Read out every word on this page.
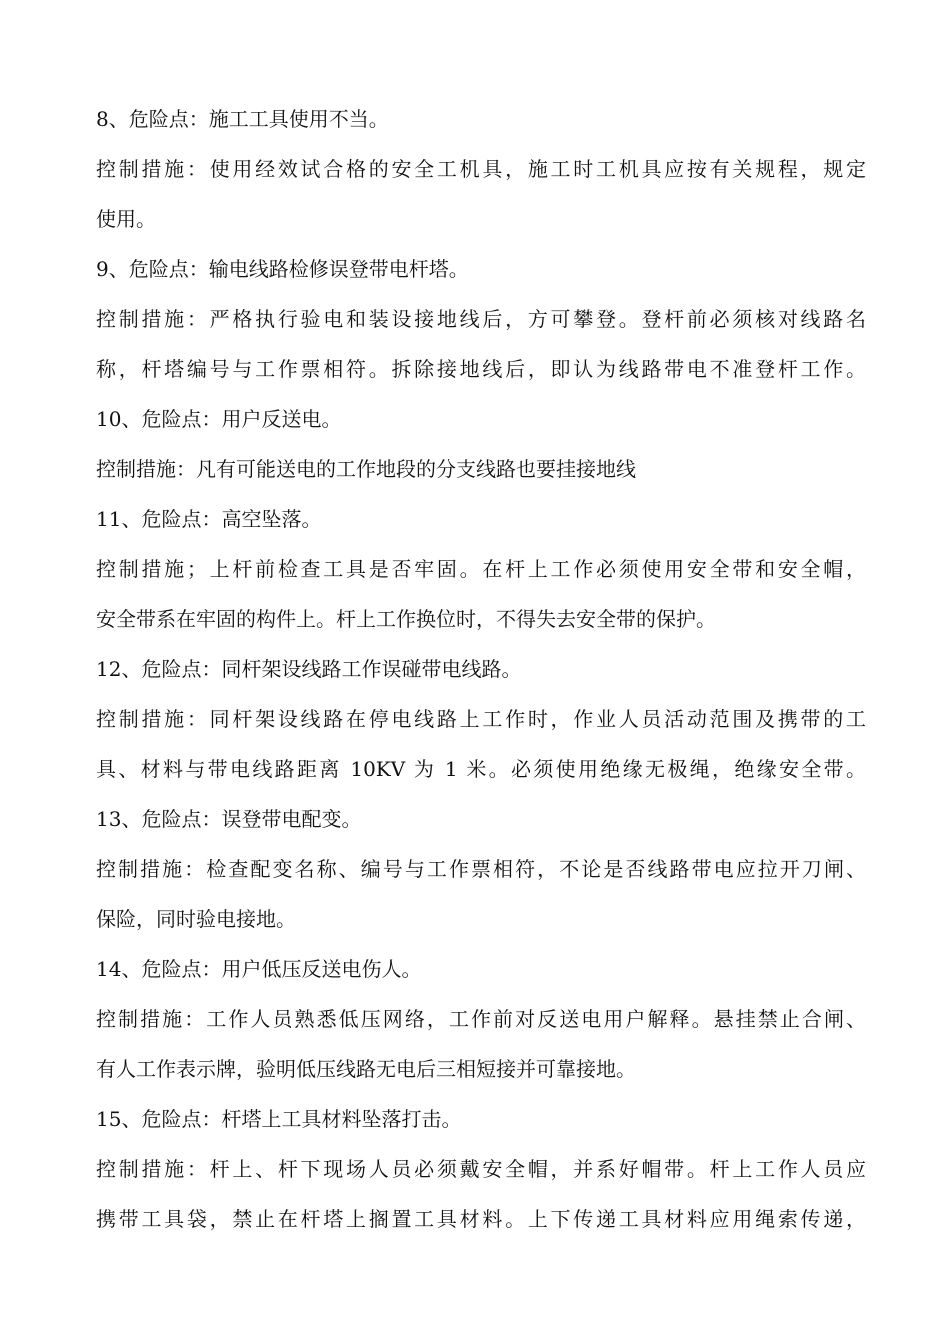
8、危险点：施工工具使用不当。
控制措施：使用经效试合格的安全工机具，施工时工机具应按有关规程，规定
使用。
9、危险点：输电线路检修误登带电杆塔。
控制措施：严格执行验电和装设接地线后，方可攀登。登杆前必须核对线路名
称，杆塔编号与工作票相符。拆除接地线后，即认为线路带电不准登杆工作。
10、危险点：用户反送电。
控制措施：凡有可能送电的工作地段的分支线路也要挂接地线
11、危险点：高空坠落。
控制措施；上杆前检查工具是否牢固。在杆上工作必须使用安全带和安全帽，
安全带系在牢固的构件上。杆上工作换位时，不得失去安全带的保护。
12、危险点：同杆架设线路工作误碰带电线路。
控制措施：同杆架设线路在停电线路上工作时，作业人员活动范围及携带的工
具、材料与带电线路距离 10KV 为 1 米。必须使用绝缘无极绳，绝缘安全带。
13、危险点：误登带电配变。
控制措施：检查配变名称、编号与工作票相符，不论是否线路带电应拉开刀闸、
保险，同时验电接地。
14、危险点：用户低压反送电伤人。
控制措施：工作人员熟悉低压网络，工作前对反送电用户解释。悬挂禁止合闸、
有人工作表示牌，验明低压线路无电后三相短接并可靠接地。
15、危险点：杆塔上工具材料坠落打击。
控制措施：杆上、杆下现场人员必须戴安全帽，并系好帽带。杆上工作人员应
携带工具袋，禁止在杆塔上搁置工具材料。上下传递工具材料应用绳索传递，
